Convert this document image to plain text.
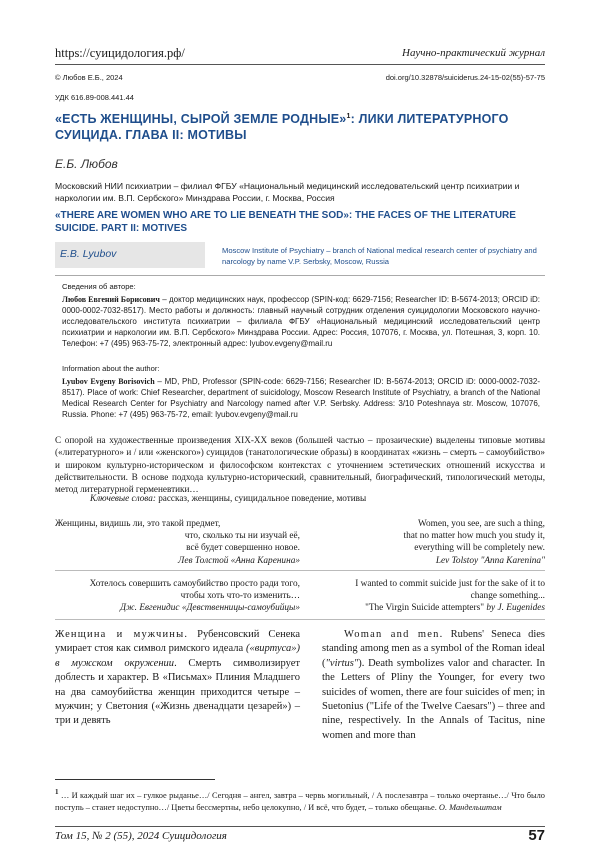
https://суицидология.рф/	Научно-практический журнал
© Любов Е.Б., 2024	doi.org/10.32878/suiciderus.24-15-02(55)-57-75
УДК 616.89-008.441.44
«ЕСТЬ ЖЕНЩИНЫ, СЫРОЙ ЗЕМЛЕ РОДНЫЕ»$^1$: ЛИКИ ЛИТЕРАТУРНОГО СУИЦИДА. ГЛАВА II: МОТИВЫ
Е.Б. Любов
Московский НИИ психиатрии – филиал ФГБУ «Национальный медицинский исследовательский центр психиатрии и наркологии им. В.П. Сербского» Минздрава России, г. Москва, Россия
«THERE ARE WOMEN WHO ARE TO LIE BENEATH THE SOD»: THE FACES OF THE LITERATURE SUICIDE. PART II: MOTIVES
E.B. Lyubov	Moscow Institute of Psychiatry – branch of National medical research center of psychiatry and narcology by name V.P. Serbsky, Moscow, Russia
Сведения об авторе:
Любов Евгений Борисович – доктор медицинских наук, профессор (SPIN-код: 6629-7156; Researcher ID: B-5674-2013; ORCID iD: 0000-0002-7032-8517). Место работы и должность: главный научный сотрудник отделения суицидологии Московского научно-исследовательского института психиатрии – филиала ФГБУ «Национальный медицинский исследовательский центр психиатрии и наркологии им. В.П. Сербского» Минздрава России. Адрес: Россия, 107076, г. Москва, ул. Потешная, 3, корп. 10. Телефон: +7 (495) 963-75-72, электронный адрес: lyubov.evgeny@mail.ru
Information about the author:
Lyubov Evgeny Borisovich – MD, PhD, Professor (SPIN-code: 6629-7156; Researcher ID: B-5674-2013; ORCID iD: 0000-0002-7032-8517). Place of work: Chief Researcher, department of suicidology, Moscow Research Institute of Psychiatry, a branch of the National Medical Research Center for Psychiatry and Narcology named after V.P. Serbsky. Address: 3/10 Poteshnaya str. Moscow, 107076, Russia. Phone: +7 (495) 963-75-72, email: lyubov.evgeny@mail.ru
С опорой на художественные произведения XIX-XX веков (большей частью – прозаические) выделены типовые мотивы («литературного» и / или «женского») суицидов (танатологические образы) в координатах «жизнь – смерть – самоубийство» и широком культурно-историческом и философском контекстах с уточнением эстетических отношений искусства и действительности. В основе подхода культурно-исторический, сравнительный, биографический, типологический методы, метод литературной герменевтики…
Ключевые слова: рассказ, женщины, суицидальное поведение, мотивы
Женщины, видишь ли, это такой предмет,
что, сколько ты ни изучай её,
всё будет совершенно новое.
Лев Толстой «Анна Каренина»
Хотелось совершить самоубийство просто ради того,
чтобы хоть что-то изменить…
Дж. Евгенидис «Девственницы-самоубийцы»
Women, you see, are such a thing,
that no matter how much you study it,
everything will be completely new.
Lev Tolstoy "Anna Karenina"
I wanted to commit suicide just for the sake of it to
change something...
"The Virgin Suicide attempters" by J. Eugenides
Женщина и мужчины. Рубенсовский Сенека умирает стоя как символ римского идеала («виртуса») в мужском окружении. Смерть символизирует доблесть и характер. В «Письмах» Плиния Младшего на два самоубийства женщин приходится четыре – мужчин; у Светония («Жизнь двенадцати цезарей») – три и девять
Woman and men. Rubens' Seneca dies standing among men as a symbol of the Roman ideal ("virtus"). Death symbolizes valor and character. In the Letters of Pliny the Younger, for every two suicides of women, there are four suicides of men; in Suetonius ("Life of the Twelve Caesars") – three and nine, respectively. In the Annals of Tacitus, nine women and more than
$^1$ … И каждый шаг их – гулкое рыданье…/ Сегодня – ангел, завтра – червь могильный, / А послезавтра – только очертанье…/ Что было поступь – станет недоступно…/ Цветы бессмертны, небо целокупно, / И всё, что будет, – только обещанье. О. Мандельштам
Том 15, № 2 (55), 2024 Суицидология	57
